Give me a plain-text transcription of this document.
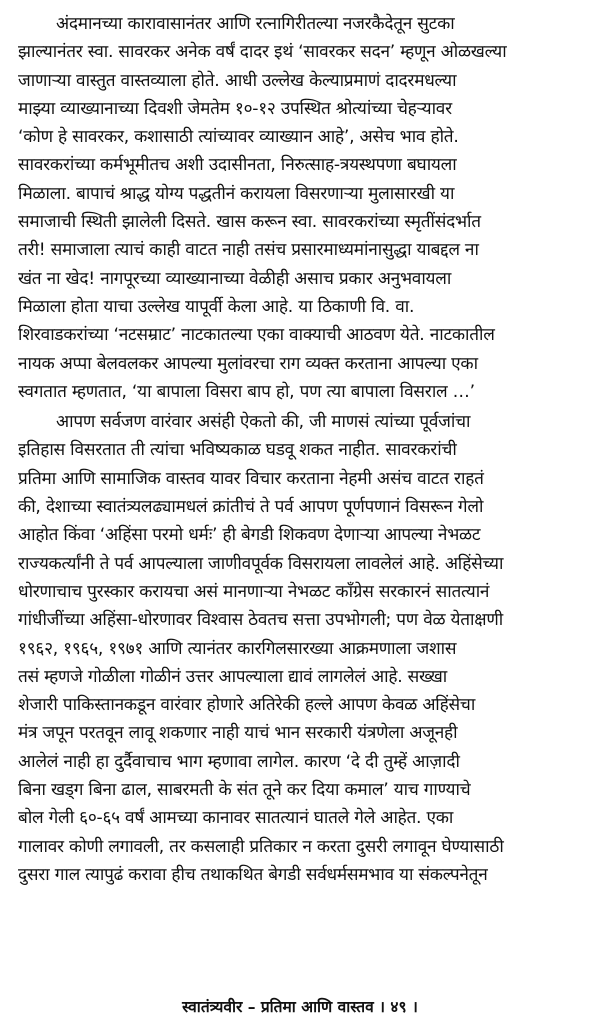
अंदमानच्या कारावासानंतर आणि रत्नागिरीतल्या नजरकैदेतून सुटका
झाल्यानंतर स्वा. सावरकर अनेक वर्षं दादर इथं ‘सावरकर सदन’ म्हणून ओळखल्या
जाणाऱ्या वास्तुत वास्तव्याला होते. आधी उल्लेख केल्याप्रमाणं दादरमधल्या
माझ्या व्याख्यानाच्या दिवशी जेमतेम १०-१२ उपस्थित श्रोत्यांच्या चेहऱ्यावर
‘कोण हे सावरकर, कशासाठी त्यांच्यावर व्याख्यान आहे’, असेच भाव होते.
सावरकरांच्या कर्मभूमीतच अशी उदासीनता, निरुत्साह-त्रयस्थपणा बघायला
मिळाला. बापाचं श्राद्ध योग्य पद्धतीनं करायला विसरणाऱ्या मुलासारखी या
समाजाची स्थिती झालेली दिसते. खास करून स्वा. सावरकरांच्या स्मृतींसंदर्भात
तरी! समाजाला त्याचं काही वाटत नाही तसंच प्रसारमाध्यमांनासुद्धा याबद्दल ना
खंत ना खेद! नागपूरच्या व्याख्यानाच्या वेळीही असाच प्रकार अनुभवायला
मिळाला होता याचा उल्लेख यापूर्वी केला आहे. या ठिकाणी वि. वा.
शिरवाडकरांच्या ‘नटसम्राट’ नाटकातल्या एका वाक्याची आठवण येते. नाटकातील
नायक अप्पा बेलवलकर आपल्या मुलांवरचा राग व्यक्त करताना आपल्या एका
स्वगतात म्हणतात, ‘या बापाला विसरा बाप हो, पण त्या बापाला विसराल …’
आपण सर्वजण वारंवार असंही ऐकतो की, जी माणसं त्यांच्या पूर्वजांचा
इतिहास विसरतात ती त्यांचा भविष्यकाळ घडवू शकत नाहीत. सावरकरांची
प्रतिमा आणि सामाजिक वास्तव यावर विचार करताना नेहमी असंच वाटत राहतं
की, देशाच्या स्वातंत्र्यलढ्यामधलं क्रांतीचं ते पर्व आपण पूर्णपणानं विसरून गेलो
आहोत किंवा ‘अहिंसा परमो धर्मः’ ही बेगडी शिकवण देणाऱ्या आपल्या नेभळट
राज्यकर्त्यांनी ते पर्व आपल्याला जाणीवपूर्वक विसरायला लावलेलं आहे. अहिंसेच्या
धोरणाचाच पुरस्कार करायचा असं मानणाऱ्या नेभळट कॉंग्रेस सरकारनं सातत्यानं
गांधीजींच्या अहिंसा-धोरणावर विश्वास ठेवतच सत्ता उपभोगली; पण वेळ येताक्षणी
१९६२, १९६५, १९७१ आणि त्यानंतर कारगिलसारख्या आक्रमणाला जशास
तसं म्हणजे गोळीला गोळीनं उत्तर आपल्याला द्यावं लागलेलं आहे. सख्खा
शेजारी पाकिस्तानकडून वारंवार होणारे अतिरेकी हल्ले आपण केवळ अहिंसेचा
मंत्र जपून परतवून लावू शकणार नाही याचं भान सरकारी यंत्रणेला अजूनही
आलेलं नाही हा दुर्दैवाचाच भाग म्हणावा लागेल. कारण ‘दे दी तुम्हें आज़ादी
बिना खड्ग बिना ढाल, साबरमती के संत तूने कर दिया कमाल’ याच गाण्याचे
बोल गेली ६०-६५ वर्षं आमच्या कानावर सातत्यानं घातले गेले आहेत. एका
गालावर कोणी लगावली, तर कसलाही प्रतिकार न करता दुसरी लगावून घेण्यासाठी
दुसरा गाल त्यापुढं करावा हीच तथाकथित बेगडी सर्वधर्मसमभाव या संकल्पनेतून
स्वातंत्र्यवीर – प्रतिमा आणि वास्तव । ४९ ।
